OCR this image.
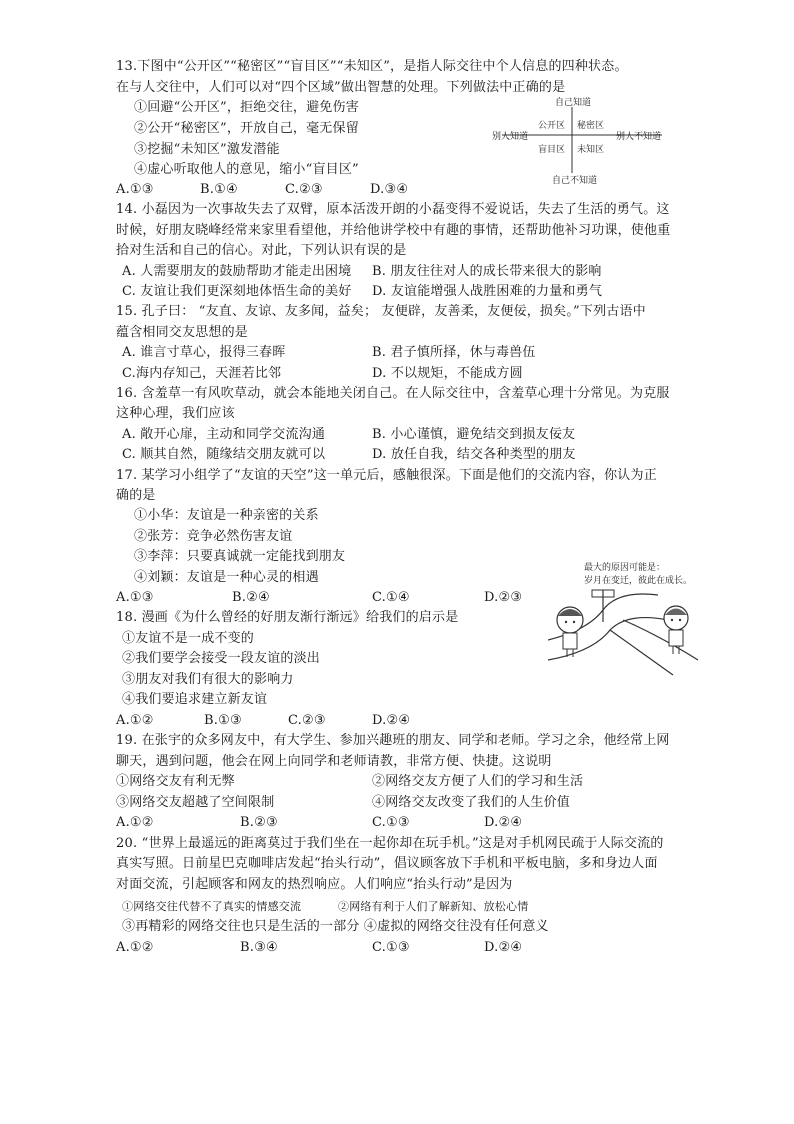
13.下图中“公开区”“秘密区”“盲目区”“未知区”，是指人际交往中个人信息的四种状态。
在与人交往中，人们可以对“四个区域”做出智慧的处理。下列做法中正确的是
①回避“公开区”，拒绝交往，避免伤害
②公开“秘密区”，开放自己，毫无保留
③挖掘“未知区”激发潜能
④虚心听取他人的意见，缩小“盲目区”
A.①③	B.①④	C.②③	D.③④
自己知道
自己不知道
别人知道	别人不知道
公开区 秘密区
盲目区 未知区
14. 小磊因为一次事故失去了双臂，原本活泼开朗的小磊变得不爱说话，失去了生活的勇气。这
时候，好朋友晓峰经常来家里看望他，并给他讲学校中有趣的事情，还帮助他补习功课，使他重
拾对生活和自己的信心。对此，下列认识有误的是
A. 人需要朋友的鼓励帮助才能走出困境 B. 朋友往往对人的成长带来很大的影响
C. 友谊让我们更深刻地体悟生命的美好 D. 友谊能增强人战胜困难的力量和勇气
15. 孔子曰： “友直、友谅、友多闻，益矣； 友便辟，友善柔，友便佞，损矣。”下列古语中
蕴含相同交友思想的是
A. 谁言寸草心，报得三春晖	B. 君子慎所择，休与毒兽伍
C.海内存知己，天涯若比邻	D. 不以规矩，不能成方圆
16. 含羞草一有风吹草动，就会本能地关闭自己。在人际交往中，含羞草心理十分常见。为克服
这种心理，我们应该
A. 敞开心扉，主动和同学交流沟通	B. 小心谨慎，避免结交到损友佞友
C. 顺其自然，随缘结交朋友就可以	D. 放任自我，结交各种类型的朋友
17. 某学习小组学了“友谊的天空”这一单元后，感触很深。下面是他们的交流内容，你认为正
确的是
①小华：友谊是一种亲密的关系
②张芳：竞争必然伤害友谊
③李萍：只要真诚就一定能找到朋友
④刘颖：友谊是一种心灵的相遇
A.①③	B.②④	C.①④	D.②③
18. 漫画《为什么曾经的好朋友渐行渐远》给我们的启示是
①友谊不是一成不变的
②我们要学会接受一段友谊的淡出
③朋友对我们有很大的影响力
④我们要追求建立新友谊
A.①②	B.①③	C.②③	D.②④
最大的原因可能是：
岁月在变迁，彼此在成长。
19. 在张宇的众多网友中，有大学生、参加兴趣班的朋友、同学和老师。学习之余，他经常上网
聊天，遇到问题，他会在网上向同学和老师请教，非常方便、快捷。这说明
①网络交友有利无弊	②网络交友方便了人们的学习和生活
③网络交友超越了空间限制	④网络交友改变了我们的人生价值
A.①②	B.②③	C.①③	D.②④
20. “世界上最遥远的距离莫过于我们坐在一起你却在玩手机。”这是对手机网民疏于人际交流的
真实写照。日前星巴克咖啡店发起“抬头行动”，倡议顾客放下手机和平板电脑，多和身边人面
对面交流，引起顾客和网友的热烈响应。人们响应“抬头行动”是因为
①网络交往代替不了真实的情感交流	②网络有利于人们了解新知、放松心情
③再精彩的网络交往也只是生活的一部分 ④虚拟的网络交往没有任何意义
A.①②	B.③④	C.①③	D.②④
